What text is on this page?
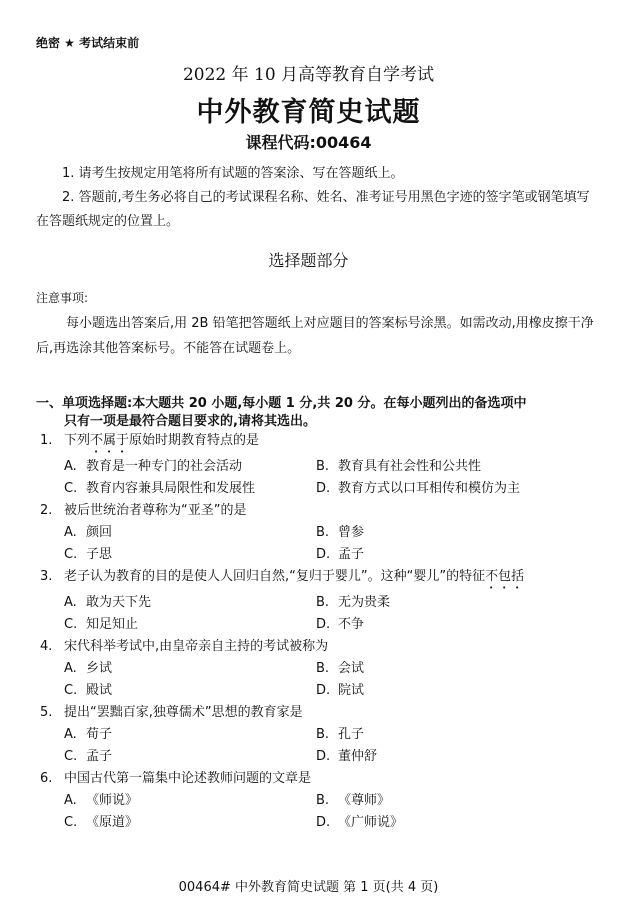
绝密 ★ 考试结束前
2022 年 10 月高等教育自学考试
中外教育简史试题
课程代码:00464

1. 请考生按规定用笔将所有试题的答案涂、写在答题纸上。

2. 答题前,考生务必将自己的考试课程名称、姓名、准考证号用黑色字迹的签字笔或钢笔填写在答题纸规定的位置上。

选择题部分
注意事项:
每小题选出答案后,用 2B 铅笔把答题纸上对应题目的答案标号涂黑。如需改动,用橡皮擦干净后,再选涂其他答案标号。不能答在试题卷上。
一、单项选择题:本大题共 20 小题,每小题 1 分,共 20 分。在每小题列出的备选项中
只有一项是最符合题目要求的,请将其选出。
1. 下列不属于原始时期教育特点的是
A. 教育是一种专门的社会活动	B. 教育具有社会性和公共性
C. 教育内容兼具局限性和发展性	D. 教育方式以口耳相传和模仿为主
2. 被后世统治者尊称为“亚圣”的是
A. 颜回	B. 曾参
C. 子思	D. 孟子
3. 老子认为教育的目的是使人人回归自然,“复归于婴儿”。这种“婴儿”的特征不包括
A. 敢为天下先	B. 无为贵柔
C. 知足知止	D. 不争
4. 宋代科举考试中,由皇帝亲自主持的考试被称为
A. 乡试	B. 会试
C. 殿试	D. 院试
5. 提出“罢黜百家,独尊儒术”思想的教育家是
A. 荀子	B. 孔子
C. 孟子	D. 董仲舒
6. 中国古代第一篇集中论述教师问题的文章是
A. 《师说》	B. 《尊师》
C. 《原道》	D. 《广师说》
00464# 中外教育简史试题 第 1 页(共 4 页)
